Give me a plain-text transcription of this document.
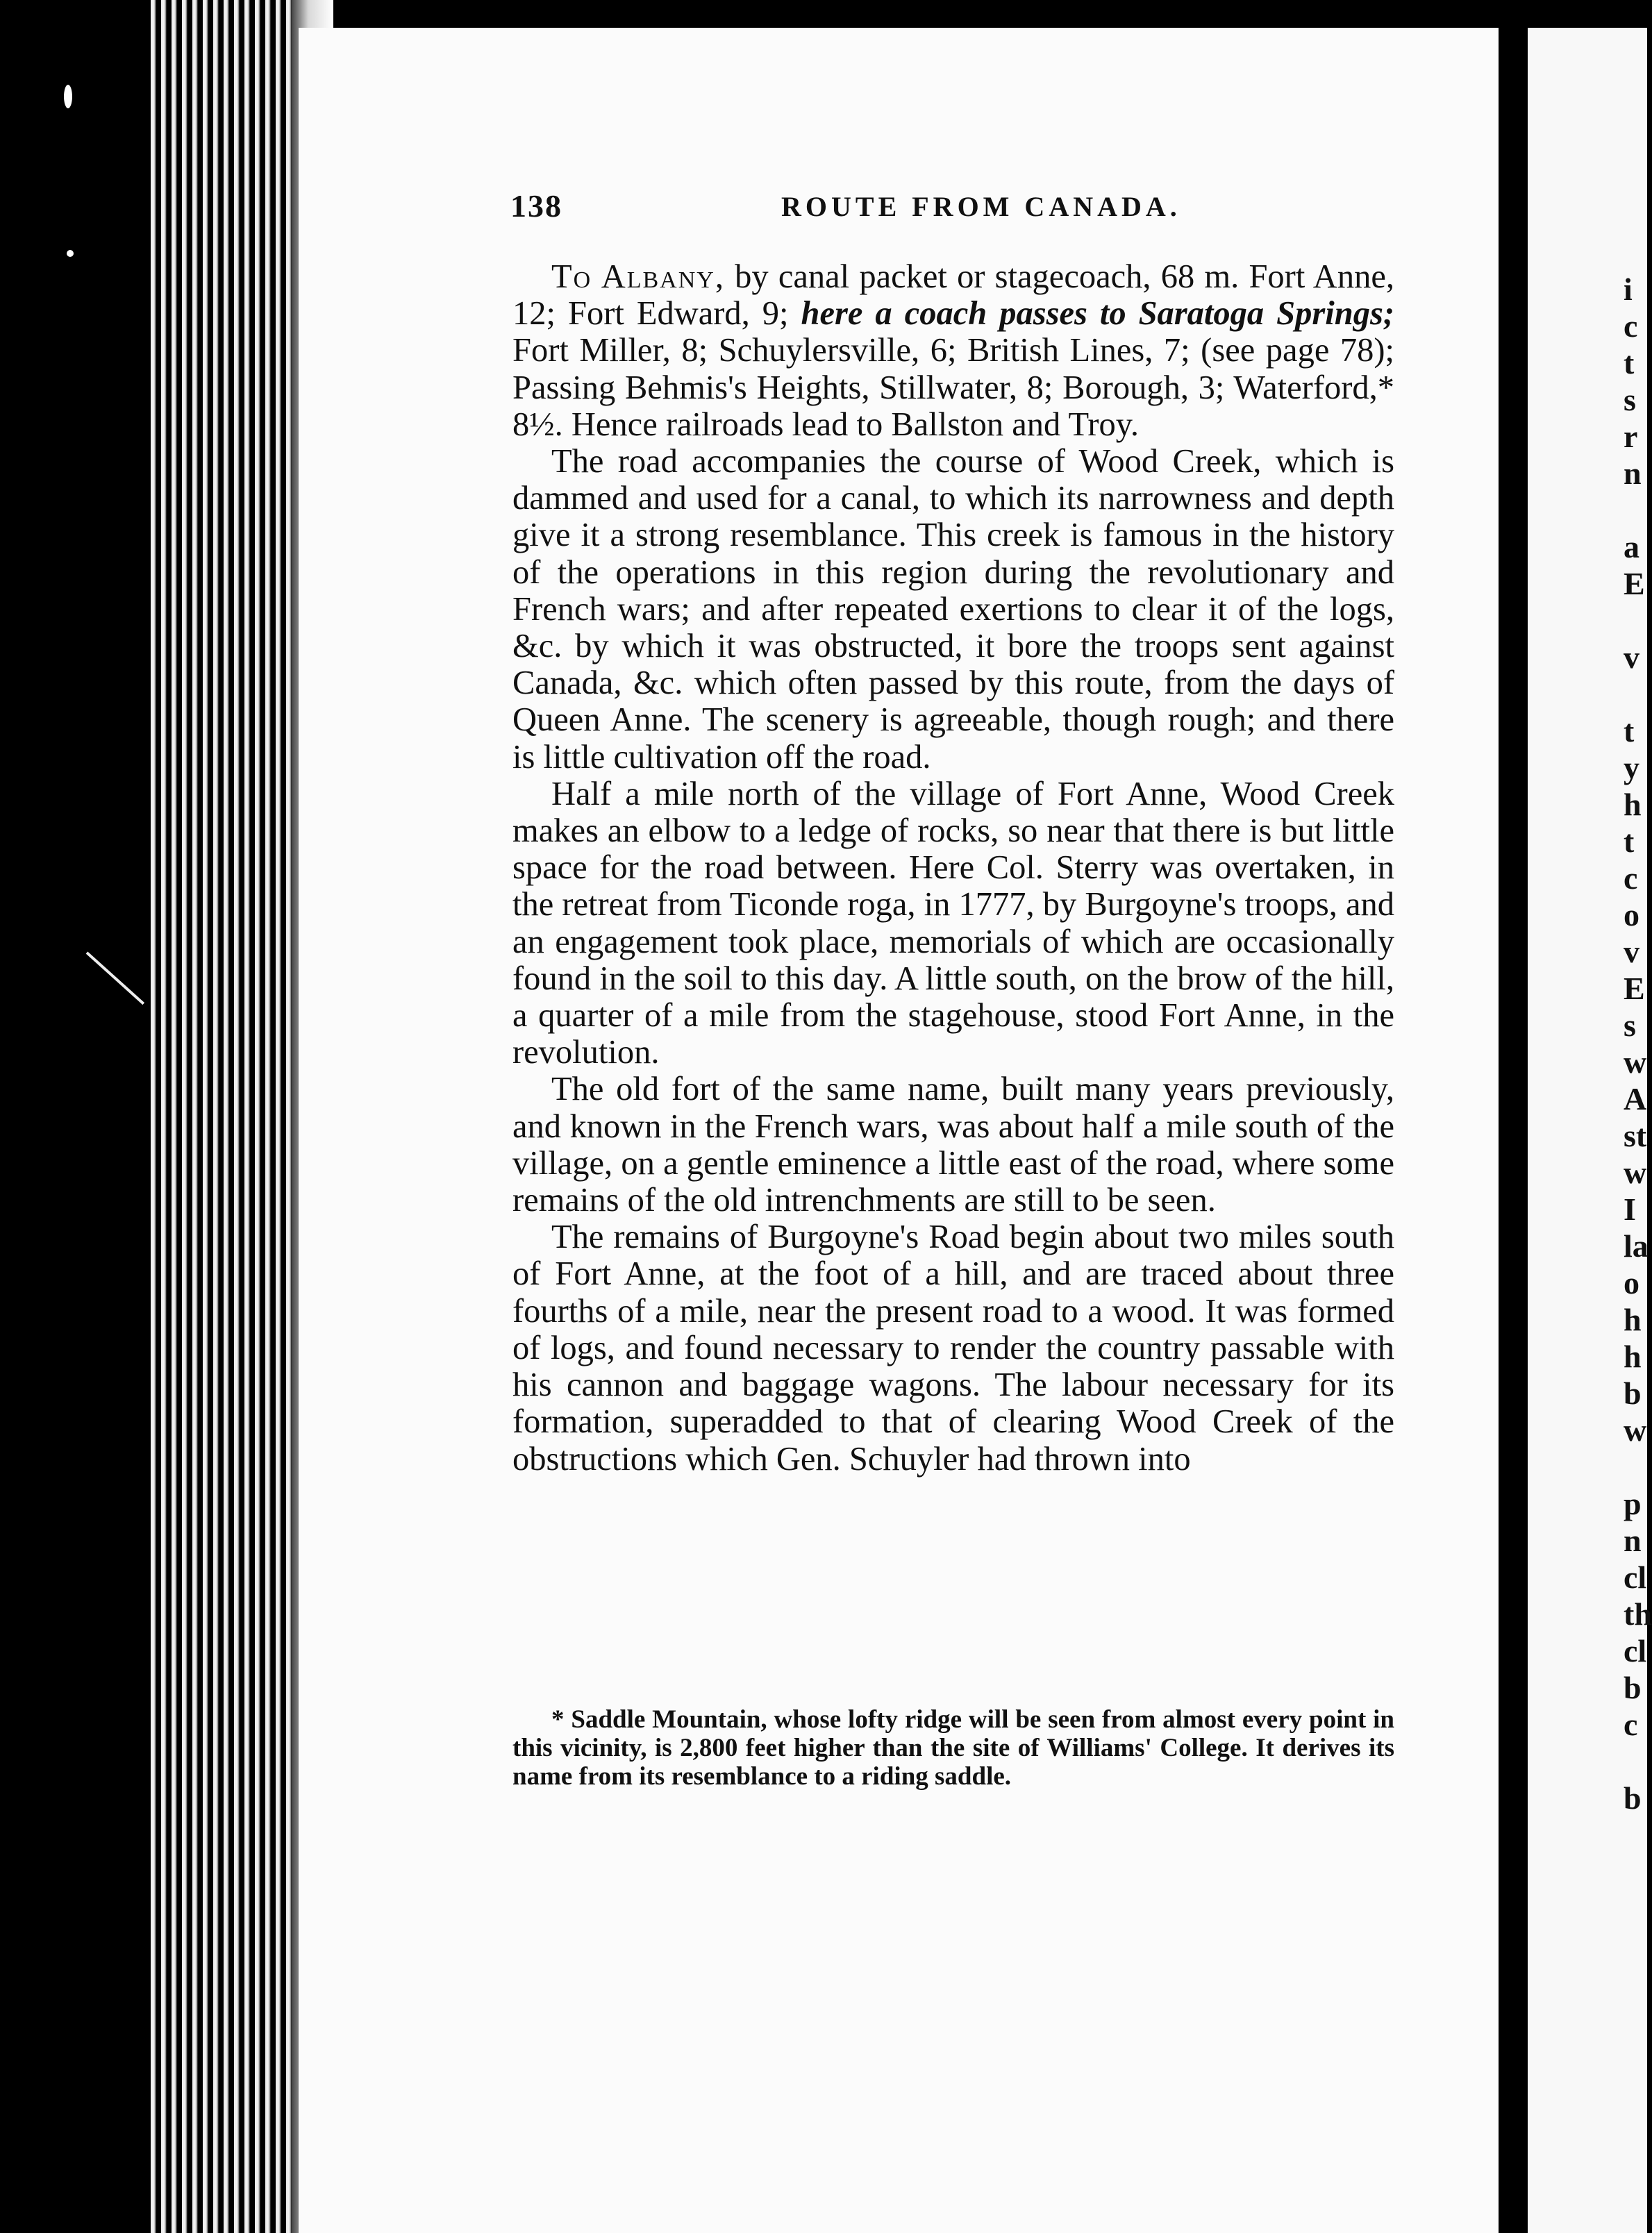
138	ROUTE FROM CANADA.

To Albany, by canal packet or stagecoach, 68 m. Fort Anne, 12; Fort Edward, 9; here a coach passes to Saratoga Springs; Fort Miller, 8; Schuylersville, 6; British Lines, 7; (see page 78); Passing Behmis's Heights, Stillwater, 8; Borough, 3; Waterford,* 8½. Hence railroads lead to Ballston and Troy.

The road accompanies the course of Wood Creek, which is dammed and used for a canal, to which its narrowness and depth give it a strong resemblance. This creek is famous in the history of the operations in this region during the revolutionary and French wars; and after repeated exertions to clear it of the logs, &c. by which it was obstructed, it bore the troops sent against Canada, &c. which often passed by this route, from the days of Queen Anne. The scenery is agreeable, though rough; and there is little cultivation off the road.

Half a mile north of the village of Fort Anne, Wood Creek makes an elbow to a ledge of rocks, so near that there is but little space for the road between. Here Col. Sterry was overtaken, in the retreat from Ticonde roga, in 1777, by Burgoyne's troops, and an engagement took place, memorials of which are occasionally found in the soil to this day. A little south, on the brow of the hill, a quarter of a mile from the stagehouse, stood Fort Anne, in the revolution.

The old fort of the same name, built many years previously, and known in the French wars, was about half a mile south of the village, on a gentle eminence a little east of the road, where some remains of the old intrenchments are still to be seen.

The remains of Burgoyne's Road begin about two miles south of Fort Anne, at the foot of a hill, and are traced about three fourths of a mile, near the present road to a wood. It was formed of logs, and found necessary to render the country passable with his cannon and baggage wagons. The labour necessary for its formation, superadded to that of clearing Wood Creek of the obstructions which Gen. Schuyler had thrown into

* Saddle Mountain, whose lofty ridge will be seen from almost every point in this vicinity, is 2,800 feet higher than the site of Williams' College. It derives its name from its resemblance to a riding saddle.

i
c
t
s
r
n
a
E
v
t
y
h
t
c
o
v
E
s
w
A
st
w
I
la
o
h
h
b
w
p
n
cl
th
cl
b
c
b
